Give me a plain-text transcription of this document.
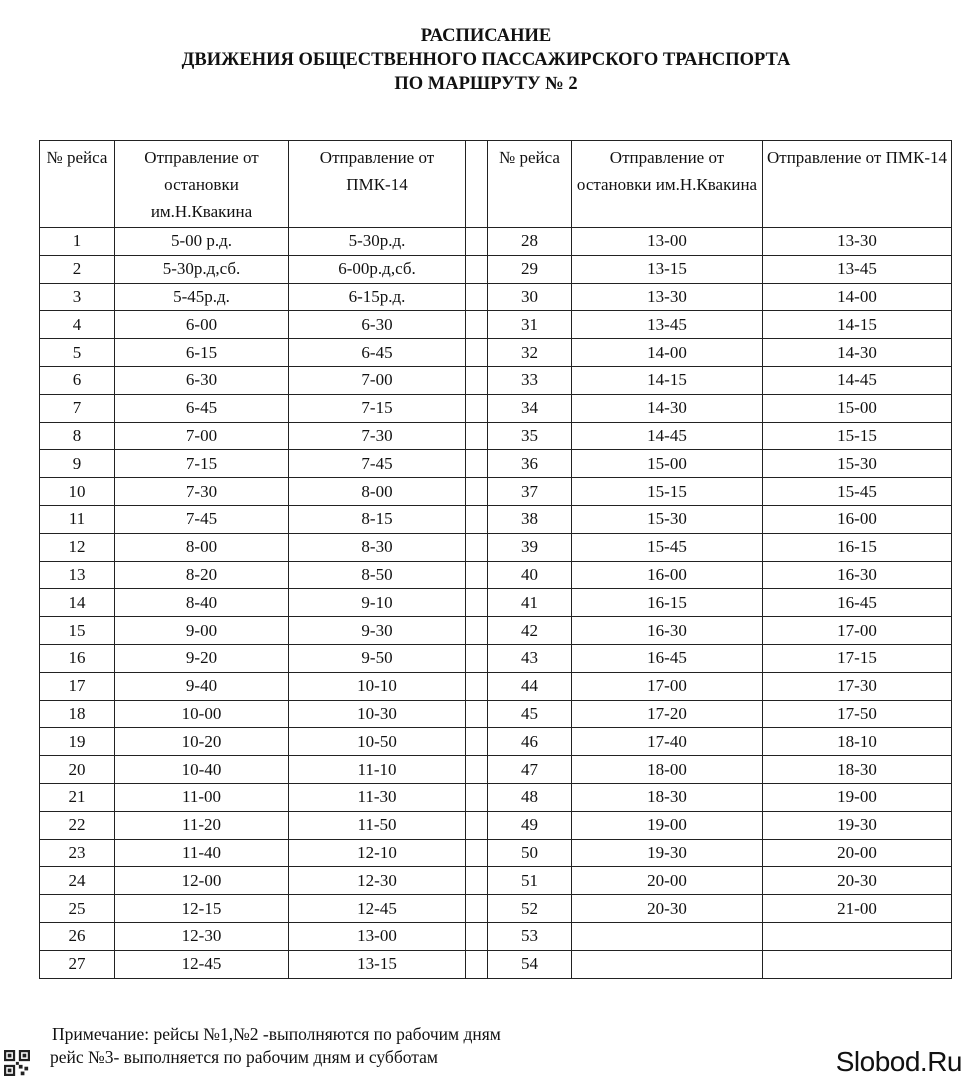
РАСПИСАНИЕ
ДВИЖЕНИЯ ОБЩЕСТВЕННОГО ПАССАЖИРСКОГО ТРАНСПОРТА
ПО МАРШРУТУ № 2
№ рейса	Отправление от остановки им.Н.Квакина	Отправление от ПМК-14		№ рейса	Отправление от остановки им.Н.Квакина	Отправление от ПМК-14
1	5-00 р.д.	5-30р.д.		28	13-00	13-30
2	5-30р.д,сб.	6-00р.д,сб.		29	13-15	13-45
3	5-45р.д.	6-15р.д.		30	13-30	14-00
4	6-00	6-30		31	13-45	14-15
5	6-15	6-45		32	14-00	14-30
6	6-30	7-00		33	14-15	14-45
7	6-45	7-15		34	14-30	15-00
8	7-00	7-30		35	14-45	15-15
9	7-15	7-45		36	15-00	15-30
10	7-30	8-00		37	15-15	15-45
11	7-45	8-15		38	15-30	16-00
12	8-00	8-30		39	15-45	16-15
13	8-20	8-50		40	16-00	16-30
14	8-40	9-10		41	16-15	16-45
15	9-00	9-30		42	16-30	17-00
16	9-20	9-50		43	16-45	17-15
17	9-40	10-10		44	17-00	17-30
18	10-00	10-30		45	17-20	17-50
19	10-20	10-50		46	17-40	18-10
20	10-40	11-10		47	18-00	18-30
21	11-00	11-30		48	18-30	19-00
22	11-20	11-50		49	19-00	19-30
23	11-40	12-10		50	19-30	20-00
24	12-00	12-30		51	20-00	20-30
25	12-15	12-45		52	20-30	21-00
26	12-30	13-00		53		
27	12-45	13-15		54		
Примечание: рейсы №1,№2 -выполняются по рабочим дням
рейс №3- выполняется по рабочим дням и субботам	Slobod.Ru
